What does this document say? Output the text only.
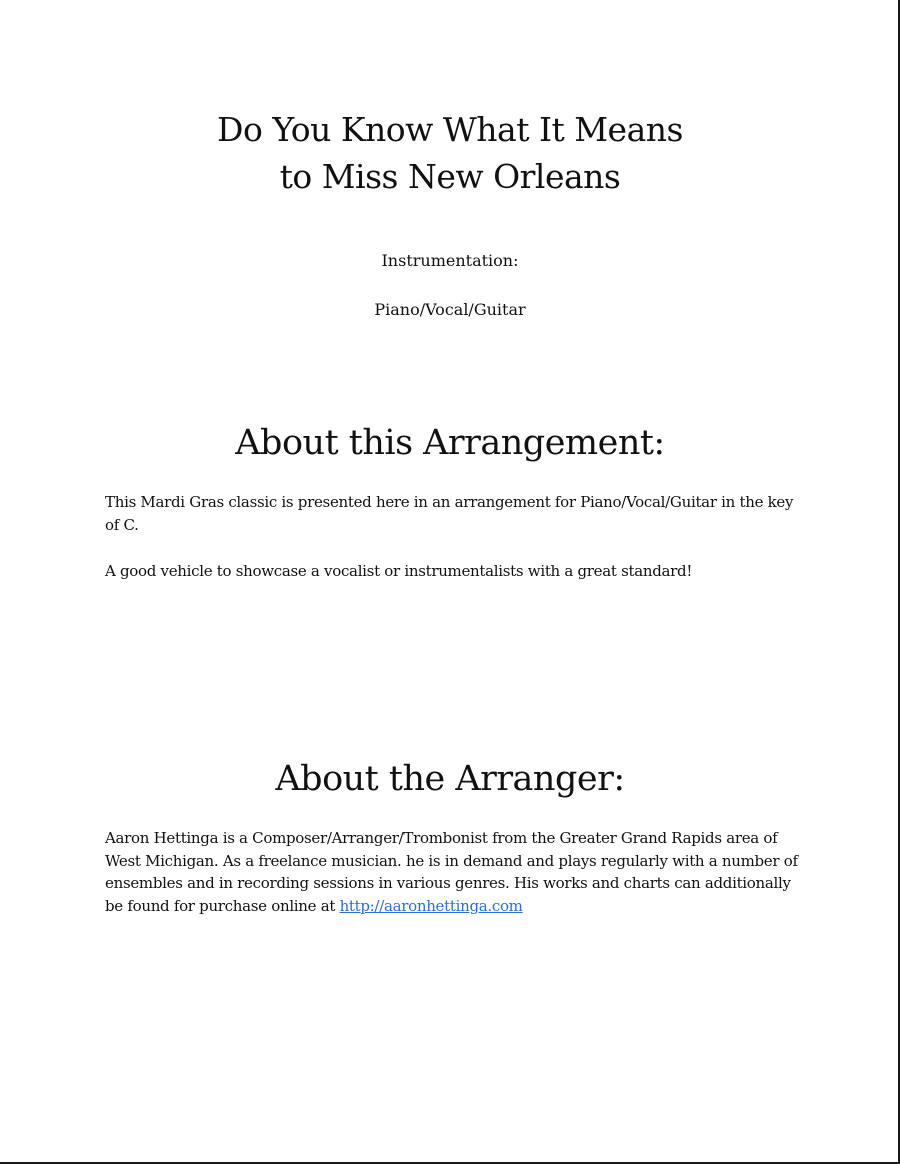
Do You Know What It Means
to Miss New Orleans
Instrumentation:
Piano/Vocal/Guitar
About this Arrangement:

This Mardi Gras classic is presented here in an arrangement for Piano/Vocal/Guitar in the key of C.

A good vehicle to showcase a vocalist or instrumentalists with a great standard!

About the Arranger:

Aaron Hettinga is a Composer/Arranger/Trombonist from the Greater Grand Rapids area of West Michigan. As a freelance musician. he is in demand and plays regularly with a number of ensembles and in recording sessions in various genres. His works and charts can additionally be found for purchase online at http://aaronhettinga.com
